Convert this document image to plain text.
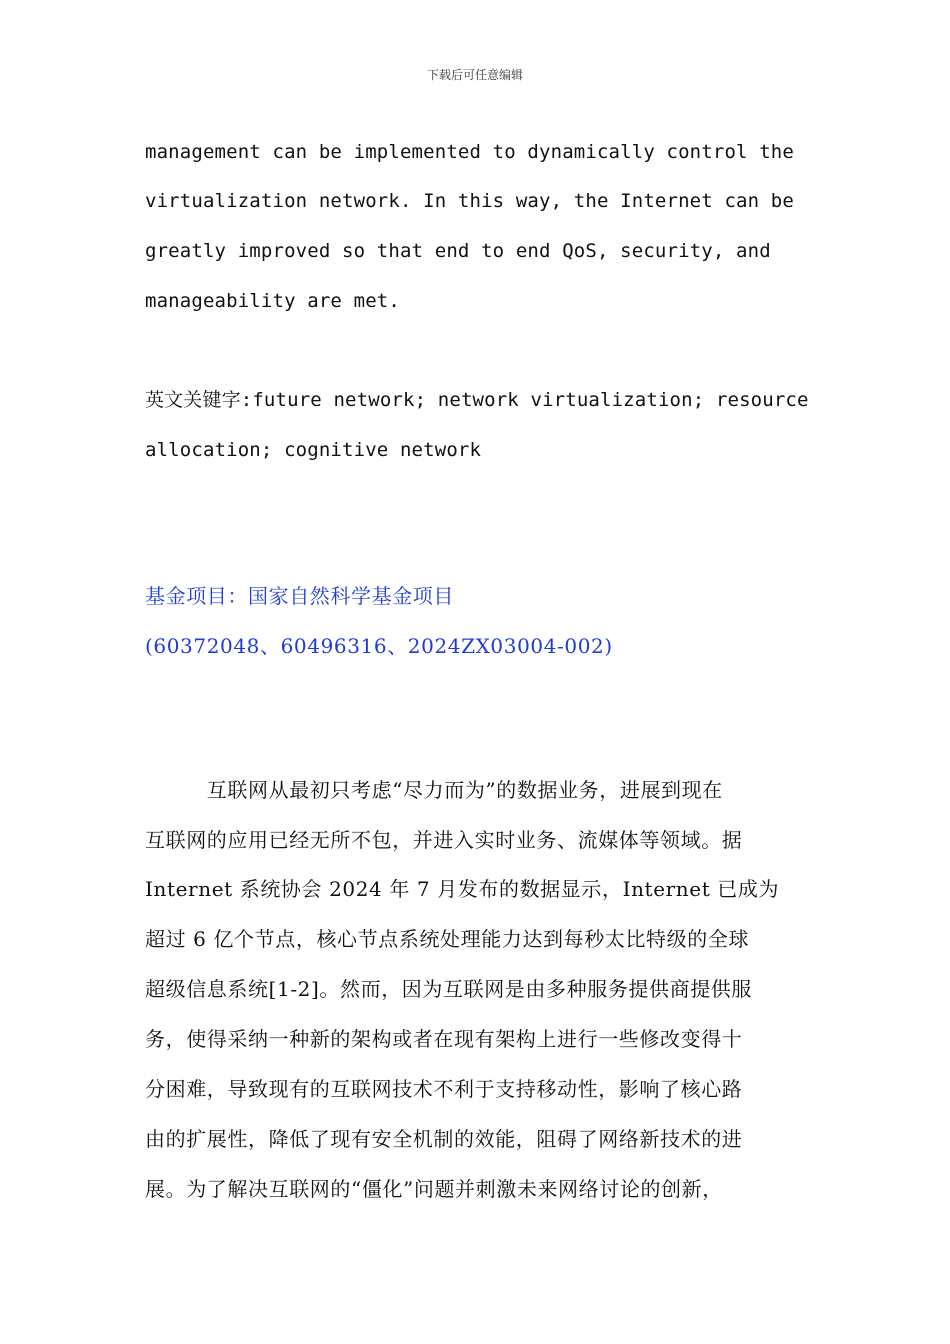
下载后可任意编辑
management can be implemented to dynamically control the
virtualization network. In this way, the Internet can be
greatly improved so that end to end QoS, security, and
manageability are met.
英文关键字:future network; network virtualization; resource
allocation; cognitive network
基金项目：国家自然科学基金项目
(60372048、60496316、2024ZX03004-002)
　　　互联网从最初只考虑“尽力而为”的数据业务，进展到现在
互联网的应用已经无所不包，并进入实时业务、流媒体等领域。据
Internet 系统协会 2024 年 7 月发布的数据显示，Internet 已成为
超过 6 亿个节点，核心节点系统处理能力达到每秒太比特级的全球
超级信息系统[1-2]。然而，因为互联网是由多种服务提供商提供服
务，使得采纳一种新的架构或者在现有架构上进行一些修改变得十
分困难，导致现有的互联网技术不利于支持移动性，影响了核心路
由的扩展性，降低了现有安全机制的效能，阻碍了网络新技术的进
展。为了解决互联网的“僵化”问题并刺激未来网络讨论的创新，
